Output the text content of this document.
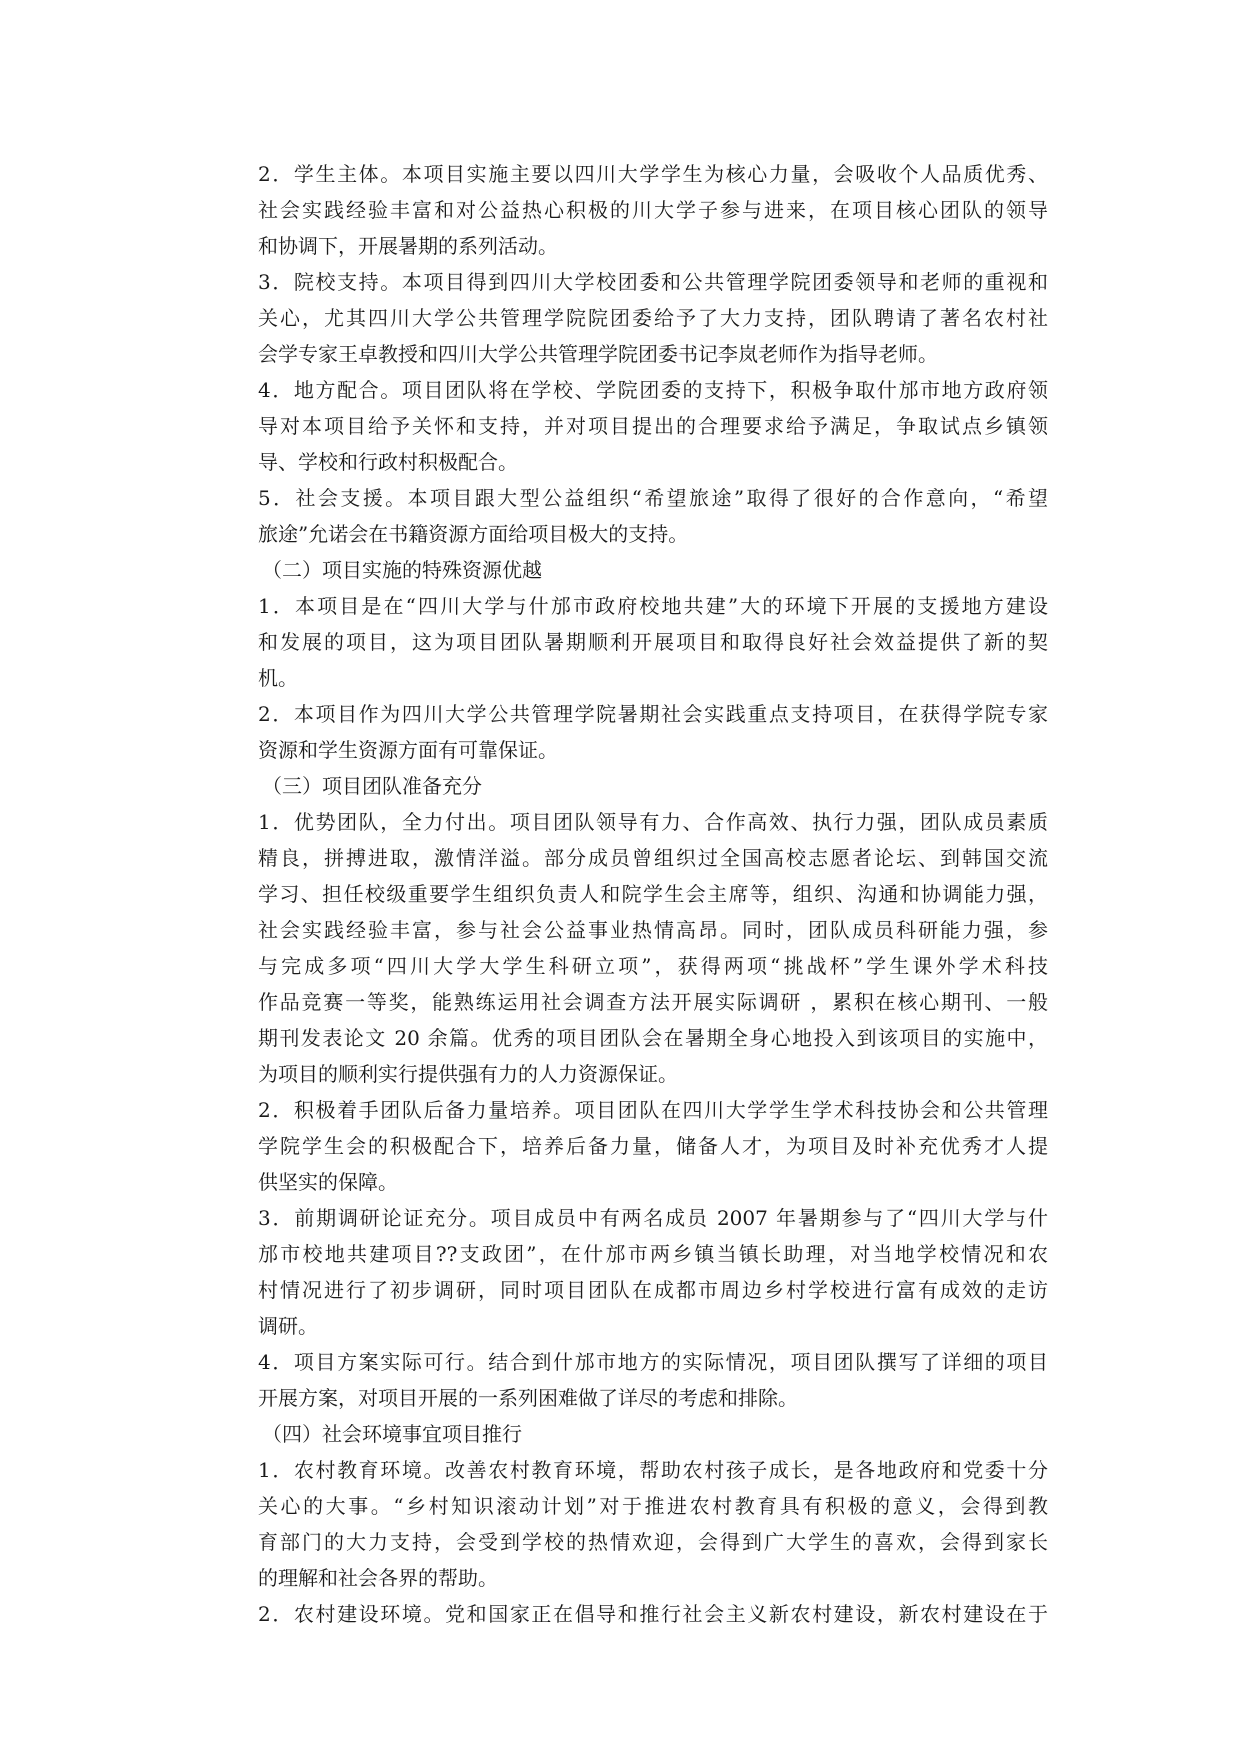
2．学生主体。本项目实施主要以四川大学学生为核心力量，会吸收个人品质优秀、
社会实践经验丰富和对公益热心积极的川大学子参与进来，在项目核心团队的领导
和协调下，开展暑期的系列活动。
3．院校支持。本项目得到四川大学校团委和公共管理学院团委领导和老师的重视和
关心，尤其四川大学公共管理学院院团委给予了大力支持，团队聘请了著名农村社
会学专家王卓教授和四川大学公共管理学院团委书记李岚老师作为指导老师。
4．地方配合。项目团队将在学校、学院团委的支持下，积极争取什邡市地方政府领
导对本项目给予关怀和支持，并对项目提出的合理要求给予满足，争取试点乡镇领
导、学校和行政村积极配合。
5．社会支援。本项目跟大型公益组织“希望旅途”取得了很好的合作意向，“希望
旅途”允诺会在书籍资源方面给项目极大的支持。
（二）项目实施的特殊资源优越
1．本项目是在“四川大学与什邡市政府校地共建”大的环境下开展的支援地方建设
和发展的项目，这为项目团队暑期顺利开展项目和取得良好社会效益提供了新的契
机。
2．本项目作为四川大学公共管理学院暑期社会实践重点支持项目，在获得学院专家
资源和学生资源方面有可靠保证。
（三）项目团队准备充分
1．优势团队，全力付出。项目团队领导有力、合作高效、执行力强，团队成员素质
精良，拼搏进取，激情洋溢。部分成员曾组织过全国高校志愿者论坛、到韩国交流
学习、担任校级重要学生组织负责人和院学生会主席等，组织、沟通和协调能力强，
社会实践经验丰富，参与社会公益事业热情高昂。同时，团队成员科研能力强，参
与完成多项“四川大学大学生科研立项”，获得两项“挑战杯”学生课外学术科技
作品竞赛一等奖，能熟练运用社会调查方法开展实际调研 ，累积在核心期刊、一般
期刊发表论文 20 余篇。优秀的项目团队会在暑期全身心地投入到该项目的实施中，
为项目的顺利实行提供强有力的人力资源保证。
2．积极着手团队后备力量培养。项目团队在四川大学学生学术科技协会和公共管理
学院学生会的积极配合下，培养后备力量，储备人才，为项目及时补充优秀才人提
供坚实的保障。
3．前期调研论证充分。项目成员中有两名成员 2007 年暑期参与了“四川大学与什
邡市校地共建项目??支政团”，在什邡市两乡镇当镇长助理，对当地学校情况和农
村情况进行了初步调研，同时项目团队在成都市周边乡村学校进行富有成效的走访
调研。
4．项目方案实际可行。结合到什邡市地方的实际情况，项目团队撰写了详细的项目
开展方案，对项目开展的一系列困难做了详尽的考虑和排除。
（四）社会环境事宜项目推行
1．农村教育环境。改善农村教育环境，帮助农村孩子成长，是各地政府和党委十分
关心的大事。“乡村知识滚动计划”对于推进农村教育具有积极的意义，会得到教
育部门的大力支持，会受到学校的热情欢迎，会得到广大学生的喜欢，会得到家长
的理解和社会各界的帮助。
2．农村建设环境。党和国家正在倡导和推行社会主义新农村建设，新农村建设在于
